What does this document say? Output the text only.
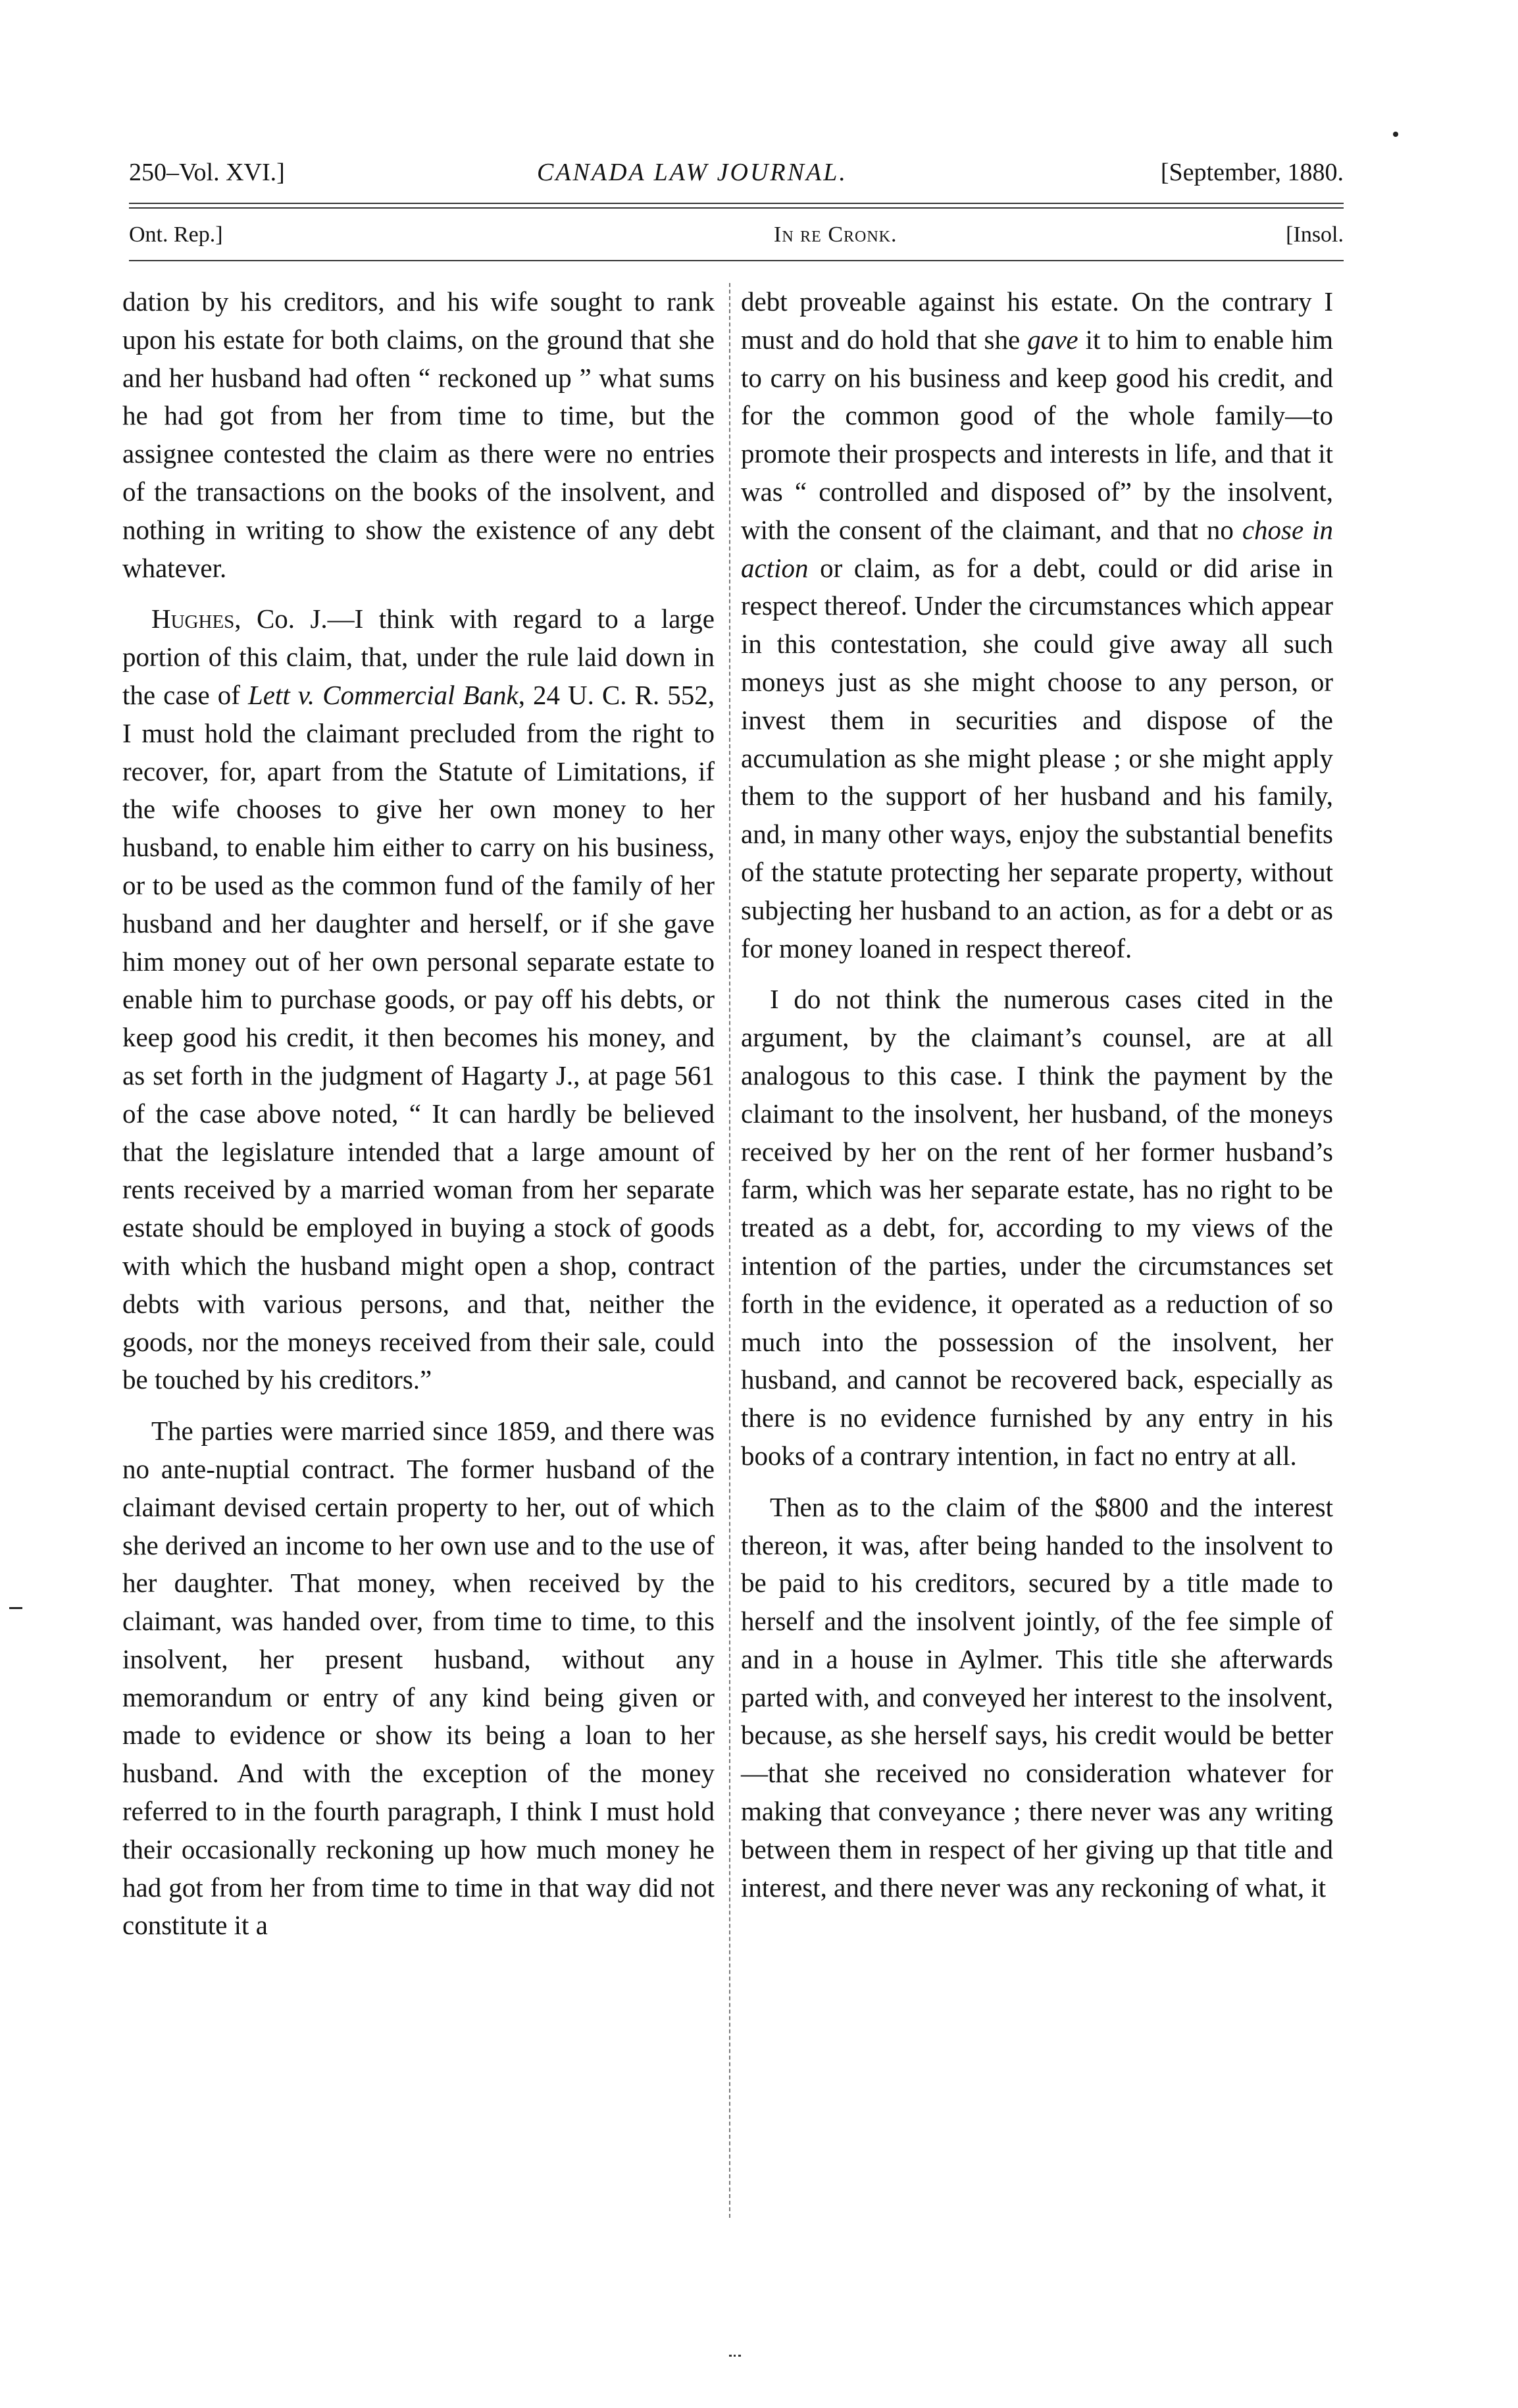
250–Vol. XVI.]	CANADA LAW JOURNAL.	[September, 1880.
Ont. Rep.]	In re Cronk.	[Insol.

dation by his creditors, and his wife sought to rank upon his estate for both claims, on the ground that she and her husband had often “ reckoned up ” what sums he had got from her from time to time, but the assignee contested the claim as there were no entries of the transactions on the books of the insolvent, and nothing in writing to show the existence of any debt whatever.

Hughes, Co. J.—I think with regard to a large portion of this claim, that, under the rule laid down in the case of Lett v. Commercial Bank, 24 U. C. R. 552, I must hold the claimant precluded from the right to recover, for, apart from the Statute of Limitations, if the wife chooses to give her own money to her husband, to enable him either to carry on his business, or to be used as the common fund of the family of her husband and her daughter and herself, or if she gave him money out of her own personal separate estate to enable him to purchase goods, or pay off his debts, or keep good his credit, it then becomes his money, and as set forth in the judgment of Hagarty J., at page 561 of the case above noted, “ It can hardly be believed that the legislature intended that a large amount of rents received by a married woman from her separate estate should be employed in buying a stock of goods with which the husband might open a shop, contract debts with various persons, and that, neither the goods, nor the moneys received from their sale, could be touched by his creditors.”

The parties were married since 1859, and there was no ante-nuptial contract. The former husband of the claimant devised certain property to her, out of which she derived an income to her own use and to the use of her daughter. That money, when received by the claimant, was handed over, from time to time, to this insolvent, her present husband, without any memorandum or entry of any kind being given or made to evidence or show its being a loan to her husband. And with the exception of the money referred to in the fourth paragraph, I think I must hold their occasionally reckoning up how much money he had got from her from time to time in that way did not constitute it a

debt proveable against his estate. On the contrary I must and do hold that she gave it to him to enable him to carry on his business and keep good his credit, and for the common good of the whole family—to promote their prospects and interests in life, and that it was “ controlled and disposed of” by the insolvent, with the consent of the claimant, and that no chose in action or claim, as for a debt, could or did arise in respect thereof. Under the circumstances which appear in this contestation, she could give away all such moneys just as she might choose to any person, or invest them in securities and dispose of the accumulation as she might please ; or she might apply them to the support of her husband and his family, and, in many other ways, enjoy the substantial benefits of the statute protecting her separate property, without subjecting her husband to an action, as for a debt or as for money loaned in respect thereof.

I do not think the numerous cases cited in the argument, by the claimant’s counsel, are at all analogous to this case. I think the payment by the claimant to the insolvent, her husband, of the moneys received by her on the rent of her former husband’s farm, which was her separate estate, has no right to be treated as a debt, for, according to my views of the intention of the parties, under the circumstances set forth in the evidence, it operated as a reduction of so much into the possession of the insolvent, her husband, and cannot be recovered back, especially as there is no evidence furnished by any entry in his books of a contrary intention, in fact no entry at all.

Then as to the claim of the $800 and the interest thereon, it was, after being handed to the insolvent to be paid to his creditors, secured by a title made to herself and the insolvent jointly, of the fee simple of and in a house in Aylmer. This title she afterwards parted with, and conveyed her interest to the insolvent, because, as she herself says, his credit would be better—that she received no consideration whatever for making that conveyance ; there never was any writing between them in respect of her giving up that title and interest, and there never was any reckoning of what, it
